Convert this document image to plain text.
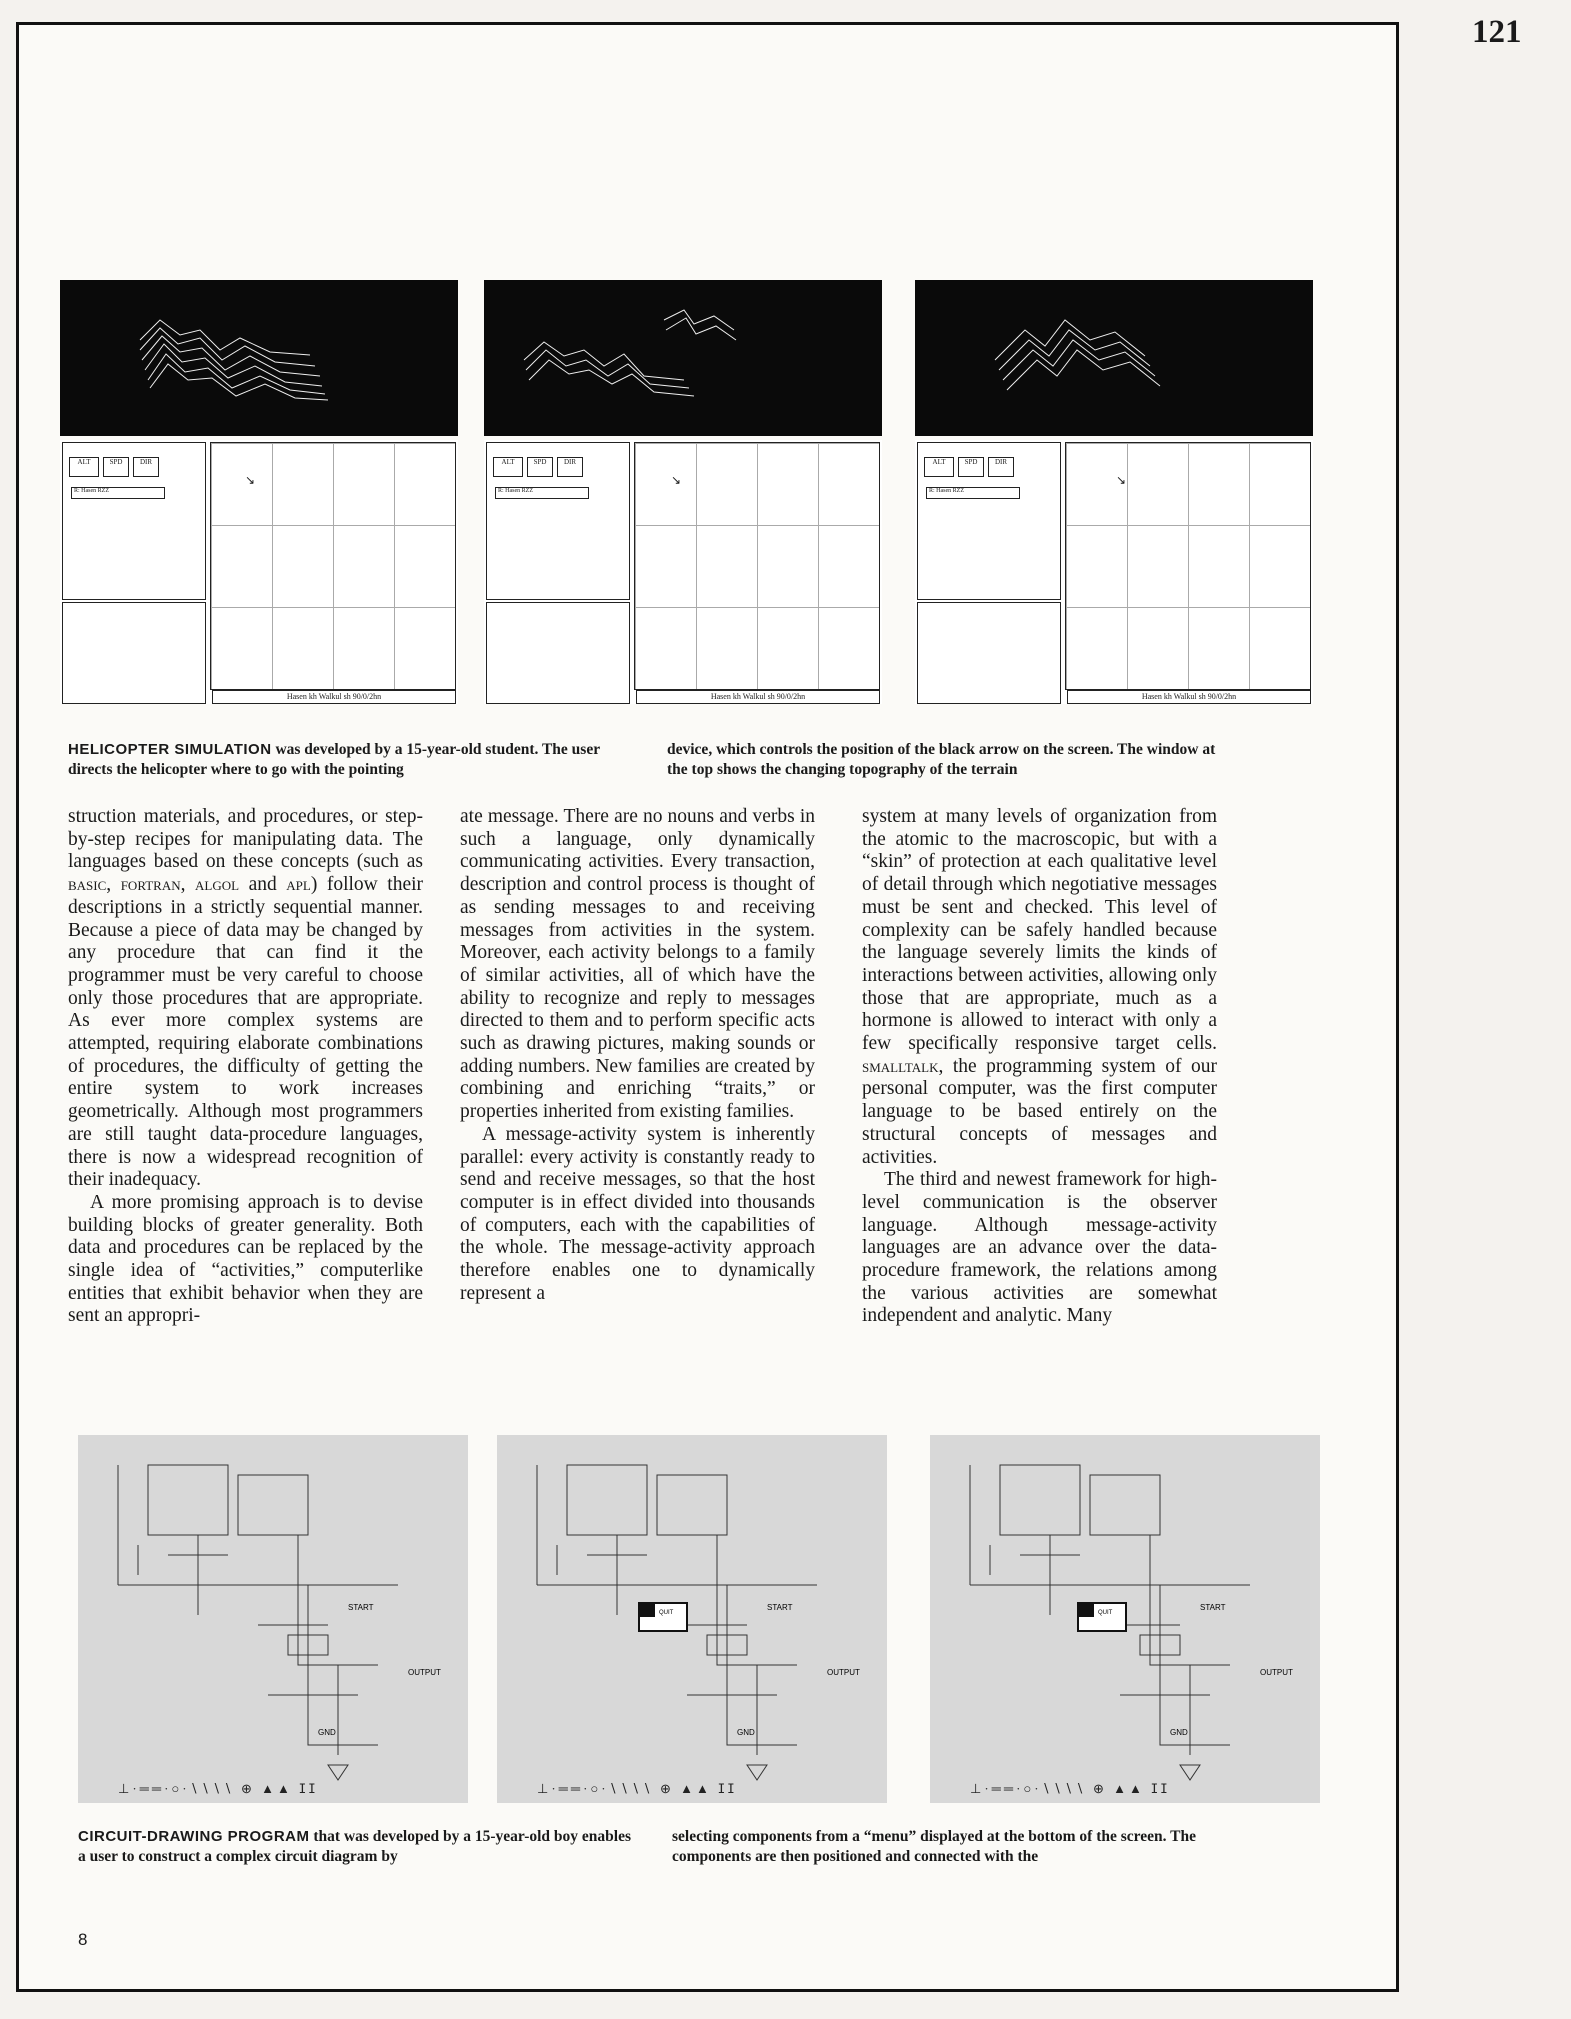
121
ALT	SPD	DIR
R: Hasen RZZ
↘
Hasen kh Walkul sh 90/0/2hn
ALT	SPD	DIR
R: Hasen RZZ
↘
Hasen kh Walkul sh 90/0/2hn
ALT	SPD	DIR
R: Hasen RZZ
↘
Hasen kh Walkul sh 90/0/2hn
HELICOPTER SIMULATION was developed by a 15-year-old student. The user directs the helicopter where to go with the pointing
device, which controls the position of the black arrow on the screen. The window at the top shows the changing topography of the terrain

struction materials, and procedures, or step-by-step recipes for manipulating data. The languages based on these concepts (such as basic, fortran, algol and apl) follow their descriptions in a strictly sequential manner. Because a piece of data may be changed by any procedure that can find it the programmer must be very careful to choose only those procedures that are appropriate. As ever more complex systems are attempted, requiring elaborate combinations of procedures, the difficulty of getting the entire system to work increases geometrically. Although most programmers are still taught data-procedure languages, there is now a widespread recognition of their inadequacy.

A more promising approach is to devise building blocks of greater generality. Both data and procedures can be replaced by the single idea of “activities,” computerlike entities that exhibit behavior when they are sent an appropri-

ate message. There are no nouns and verbs in such a language, only dynamically communicating activities. Every transaction, description and control process is thought of as sending messages to and receiving messages from activities in the system. Moreover, each activity belongs to a family of similar activities, all of which have the ability to recognize and reply to messages directed to them and to perform specific acts such as drawing pictures, making sounds or adding numbers. New families are created by combining and enriching “traits,” or properties inherited from existing families.

A message-activity system is inherently parallel: every activity is constantly ready to send and receive messages, so that the host computer is in effect divided into thousands of computers, each with the capabilities of the whole. The message-activity approach therefore enables one to dynamically represent a

system at many levels of organization from the atomic to the macroscopic, but with a “skin” of protection at each qualitative level of detail through which negotiative messages must be sent and checked. This level of complexity can be safely handled because the language severely limits the kinds of interactions between activities, allowing only those that are appropriate, much as a hormone is allowed to interact with only a few specifically responsive target cells. smalltalk, the programming system of our personal computer, was the first computer language to be based entirely on the structural concepts of messages and activities.

The third and newest framework for high-level communication is the observer language. Although message-activity languages are an advance over the data-procedure framework, the relations among the various activities are somewhat independent and analytic. Many

START
OUTPUT
GND
⊥·══·○·∖∖∖∖ ⊕ ▲▲ ⵊⵊ
QUIT
START
OUTPUT
GND
⊥·══·○·∖∖∖∖ ⊕ ▲▲ ⵊⵊ
QUIT
START
OUTPUT
GND
⊥·══·○·∖∖∖∖ ⊕ ▲▲ ⵊⵊ
CIRCUIT-DRAWING PROGRAM that was developed by a 15-year-old boy enables a user to construct a complex circuit diagram by
selecting components from a “menu” displayed at the bottom of the screen. The components are then positioned and connected with the
8
